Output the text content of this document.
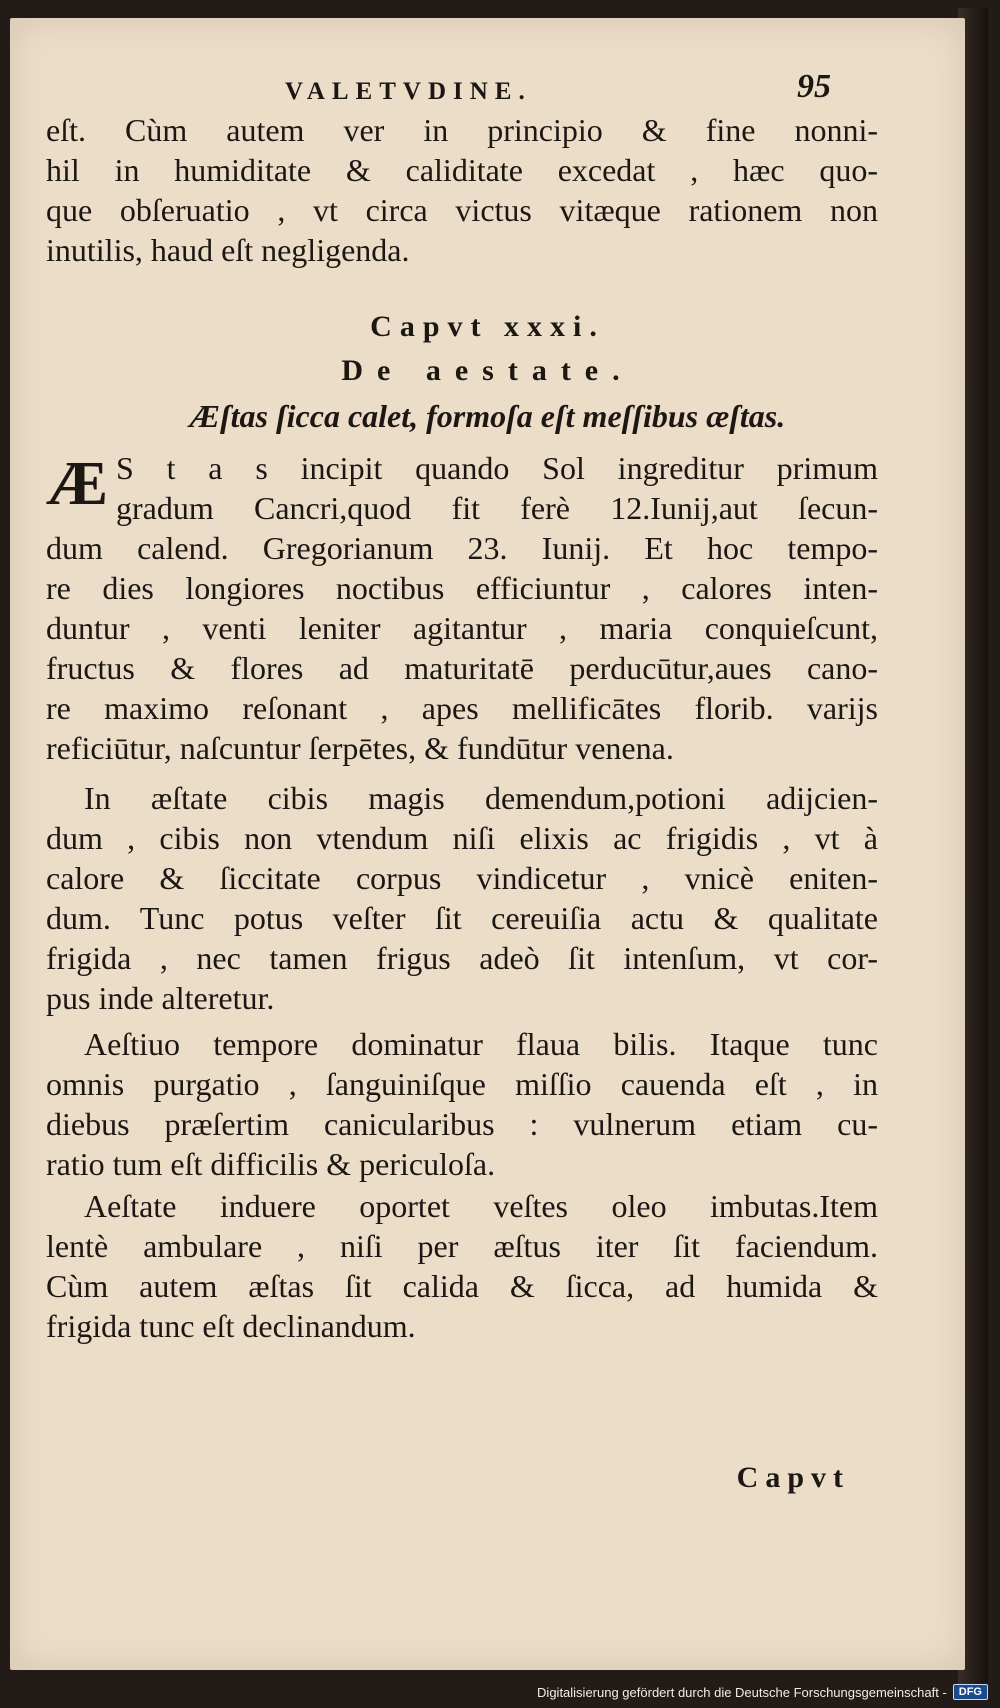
VALETVDINE.	95
eſt. Cùm autem ver in principio & fine nonni-
hil in humiditate & caliditate excedat , hæc quo-
que obſeruatio , vt circa victus vitæque rationem non
inutilis, haud eſt negligenda.
Capvt xxxi.
De aestate.
Æſtas ſicca calet, formoſa eſt meſſibus æſtas.
Æ S t a s incipit quando Sol ingreditur primum
gradum Cancri,quod fit ferè 12.Iunij,aut ſecun-
dum calend. Gregorianum 23. Iunij. Et hoc tempo-
re dies longiores noctibus efficiuntur , calores inten-
duntur , venti leniter agitantur , maria conquieſcunt,
fructus & flores ad maturitatē perducūtur,aues cano-
re maximo reſonant , apes mellificātes florib. varijs
reficiūtur, naſcuntur ſerpētes, & fundūtur venena.
In æſtate cibis magis demendum,potioni adijcien-
dum , cibis non vtendum niſi elixis ac frigidis , vt à
calore & ſiccitate corpus vindicetur , vnicè eniten-
dum. Tunc potus veſter ſit cereuiſia actu & qualitate
frigida , nec tamen frigus adeò ſit intenſum, vt cor-
pus inde alteretur.
Aeſtiuo tempore dominatur flaua bilis. Itaque tunc
omnis purgatio , ſanguiniſque miſſio cauenda eſt , in
diebus præſertim canicularibus : vulnerum etiam cu-
ratio tum eſt difficilis & periculoſa.
Aeſtate induere oportet veſtes oleo imbutas.Item
lentè ambulare , niſi per æſtus iter ſit faciendum.
Cùm autem æſtas ſit calida & ſicca, ad humida &
frigida tunc eſt declinandum.
Capvt
Digitalisierung gefördert durch die Deutsche Forschungsgemeinschaft -	DFG
